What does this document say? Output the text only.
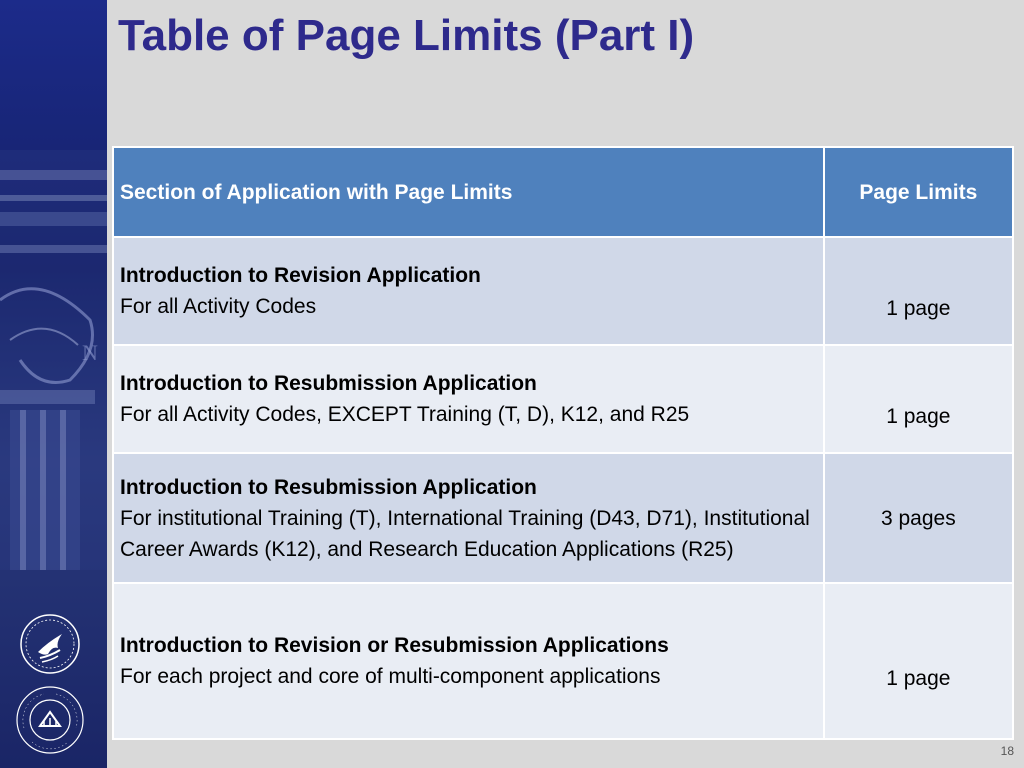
N
Table of Page Limits (Part I)
Section of Application with Page Limits	Page Limits

Introduction to Revision Application
For all Activity Codes	1 page

Introduction to Resubmission Application
For all Activity Codes, EXCEPT Training (T, D), K12, and R25	1 page

Introduction to Resubmission Application
For institutional Training (T), International Training (D43, D71), Institutional Career Awards (K12), and Research Education Applications (R25)	3 pages

Introduction to Revision or Resubmission Applications
For each project and core of multi-component applications	1 page
18
